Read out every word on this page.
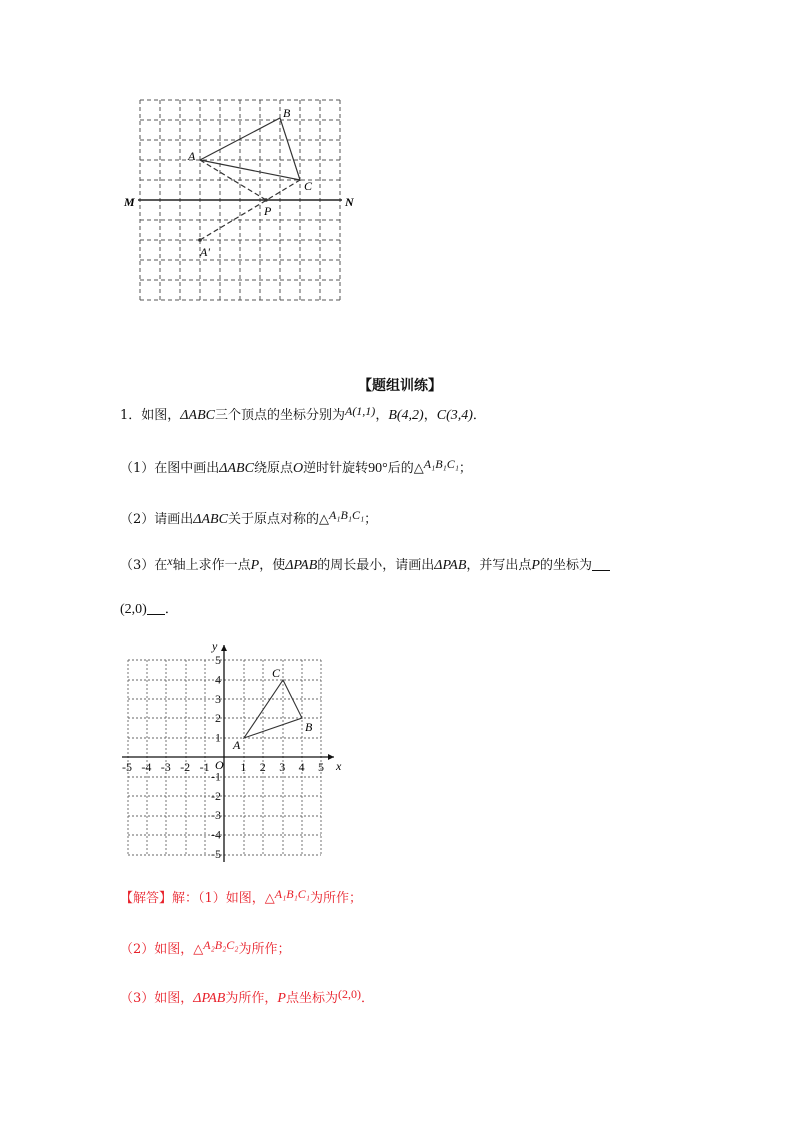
A
B
C
M	N
P
A'
【题组训练】
1．如图，ΔABC三个顶点的坐标分别为A(1,1)，B(4,2)，C(3,4)．
（1）在图中画出ΔABC绕原点O逆时针旋转90°后的△A₁B₁C₁；
（2）请画出ΔABC关于原点对称的△A₁B₁C₁；
（3）在x轴上求作一点P，使ΔPAB的周长最小，请画出ΔPAB，并写出点P的坐标为
(2,0) ．
-5 -4 -3 -2 -1	1 2 3 4 5
5
4
3
2
1
-1
-2
-3
-4
-5
O	x
y
A
B
C
【解答】解：（1）如图，△A₁B₁C₁为所作；
（2）如图，△A₂B₂C₂为所作；
（3）如图，ΔPAB为所作，P点坐标为(2,0)．
